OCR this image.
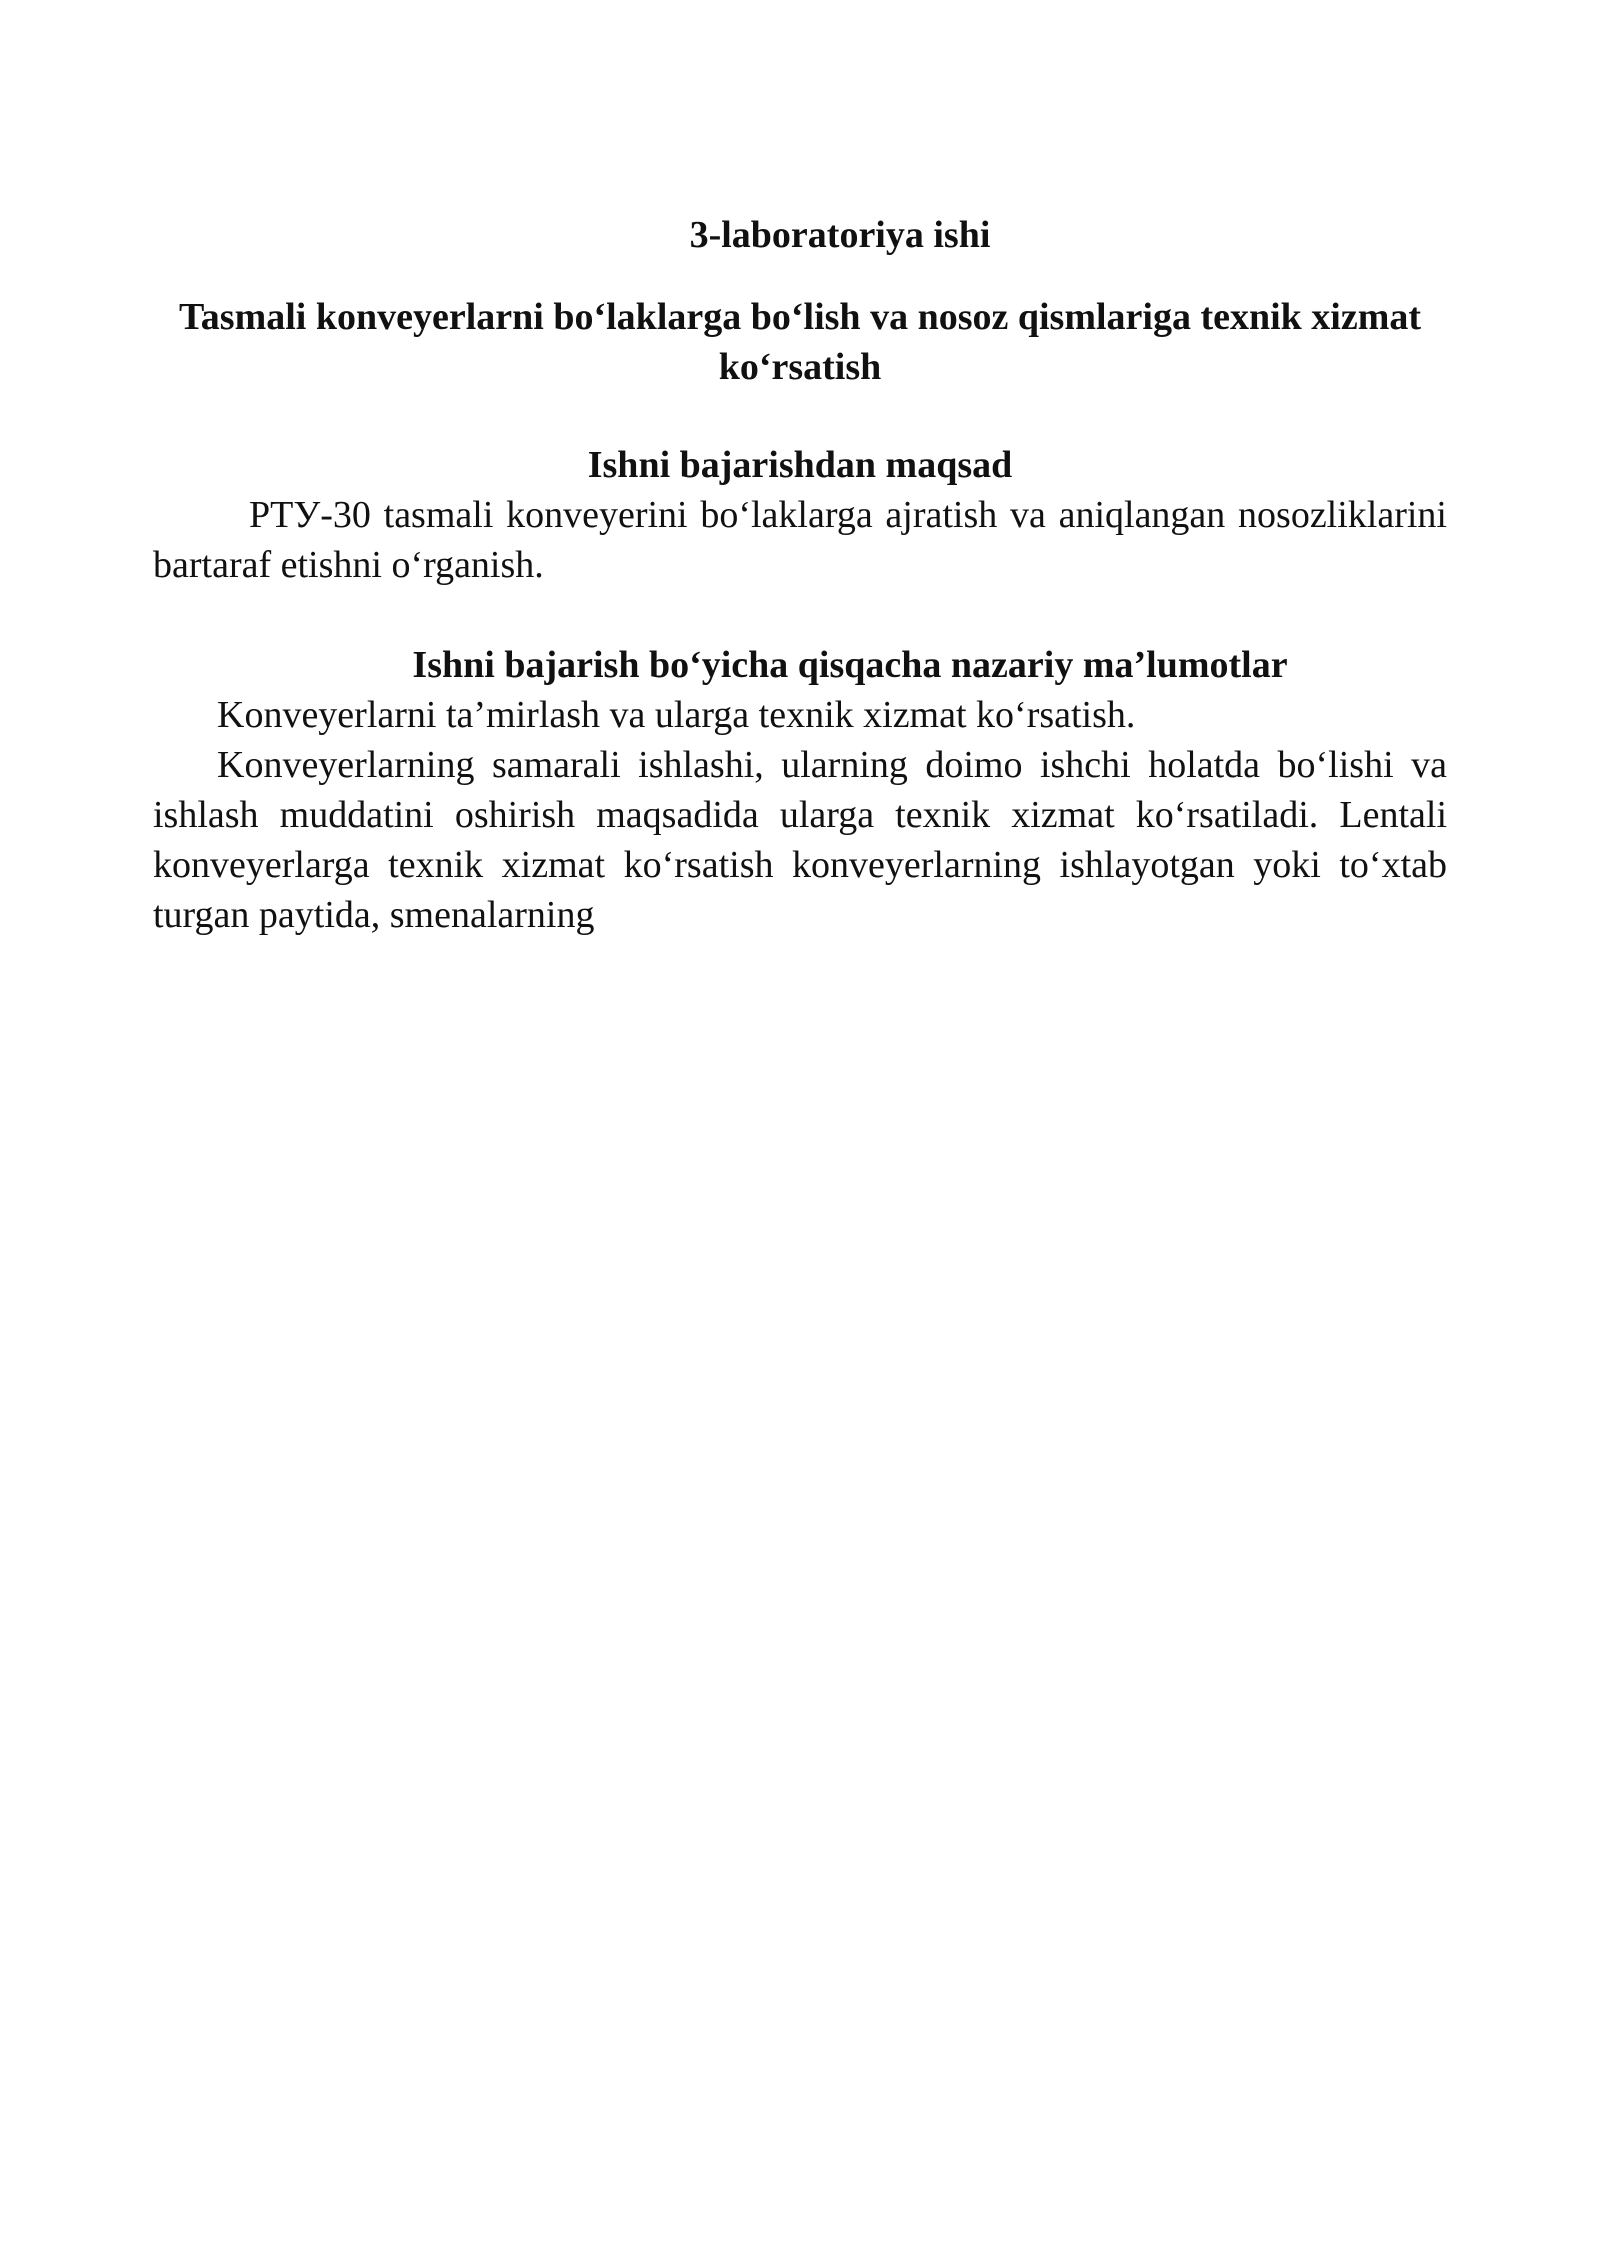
3-laboratoriya ishi
Tasmali konveyerlarni bo‘laklarga bo‘lish va nosoz qismlariga texnik xizmat ko‘rsatish
Ishni bajarishdan maqsad

PTУ-30 tasmali konveyerini bo‘laklarga ajratish va aniqlangan nosozliklarini bartaraf etishni o‘rganish.

Ishni bajarish bo‘yicha qisqacha nazariy ma’lumotlar

Konveyerlarni ta’mirlash va ularga texnik xizmat ko‘rsatish.

Konveyerlarning samarali ishlashi, ularning doimo ishchi holatda bo‘lishi va ishlash muddatini oshirish maqsadida ularga texnik xizmat ko‘rsatiladi. Lentali konveyerlarga texnik xizmat ko‘rsatish konveyerlarning ishlayotgan yoki to‘xtab turgan paytida, smenalarning
